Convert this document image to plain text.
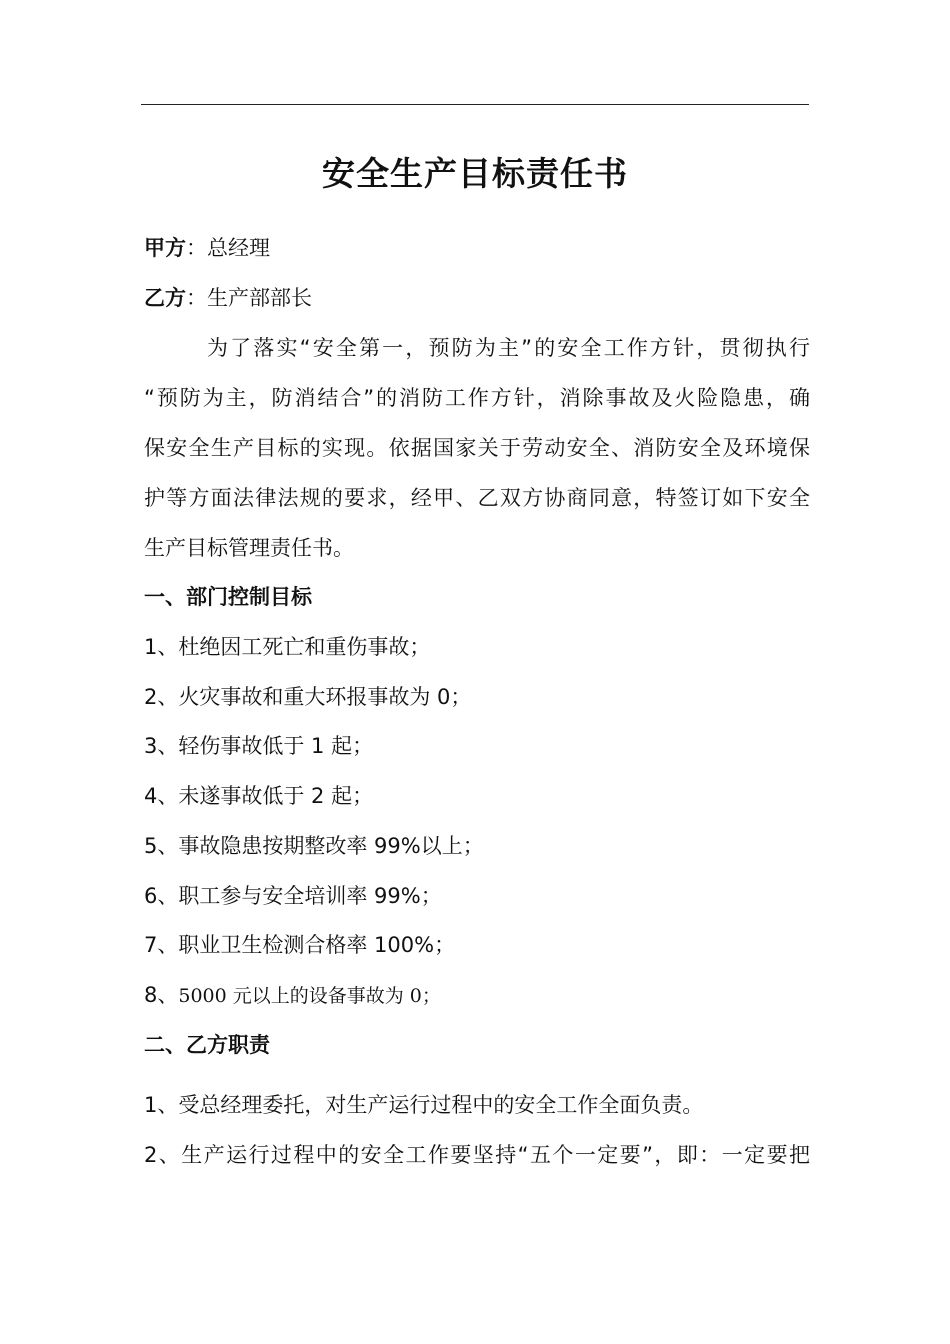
安全生产目标责任书
甲方：总经理
乙方：生产部部长
为了落实“安全第一，预防为主”的安全工作方针，贯彻执行
“预防为主，防消结合”的消防工作方针，消除事故及火险隐患，确
保安全生产目标的实现。依据国家关于劳动安全、消防安全及环境保
护等方面法律法规的要求，经甲、乙双方协商同意，特签订如下安全
生产目标管理责任书。
一、部门控制目标
1、杜绝因工死亡和重伤事故；
2、火灾事故和重大环报事故为 0；
3、轻伤事故低于 1 起；
4、未遂事故低于 2 起；
5、事故隐患按期整改率 99%以上；
6、职工参与安全培训率 99%；
7、职业卫生检测合格率 100%；
8、5000 元以上的设备事故为 0；
二、乙方职责
1、受总经理委托，对生产运行过程中的安全工作全面负责。
2、生产运行过程中的安全工作要坚持“五个一定要”，即：一定要把
